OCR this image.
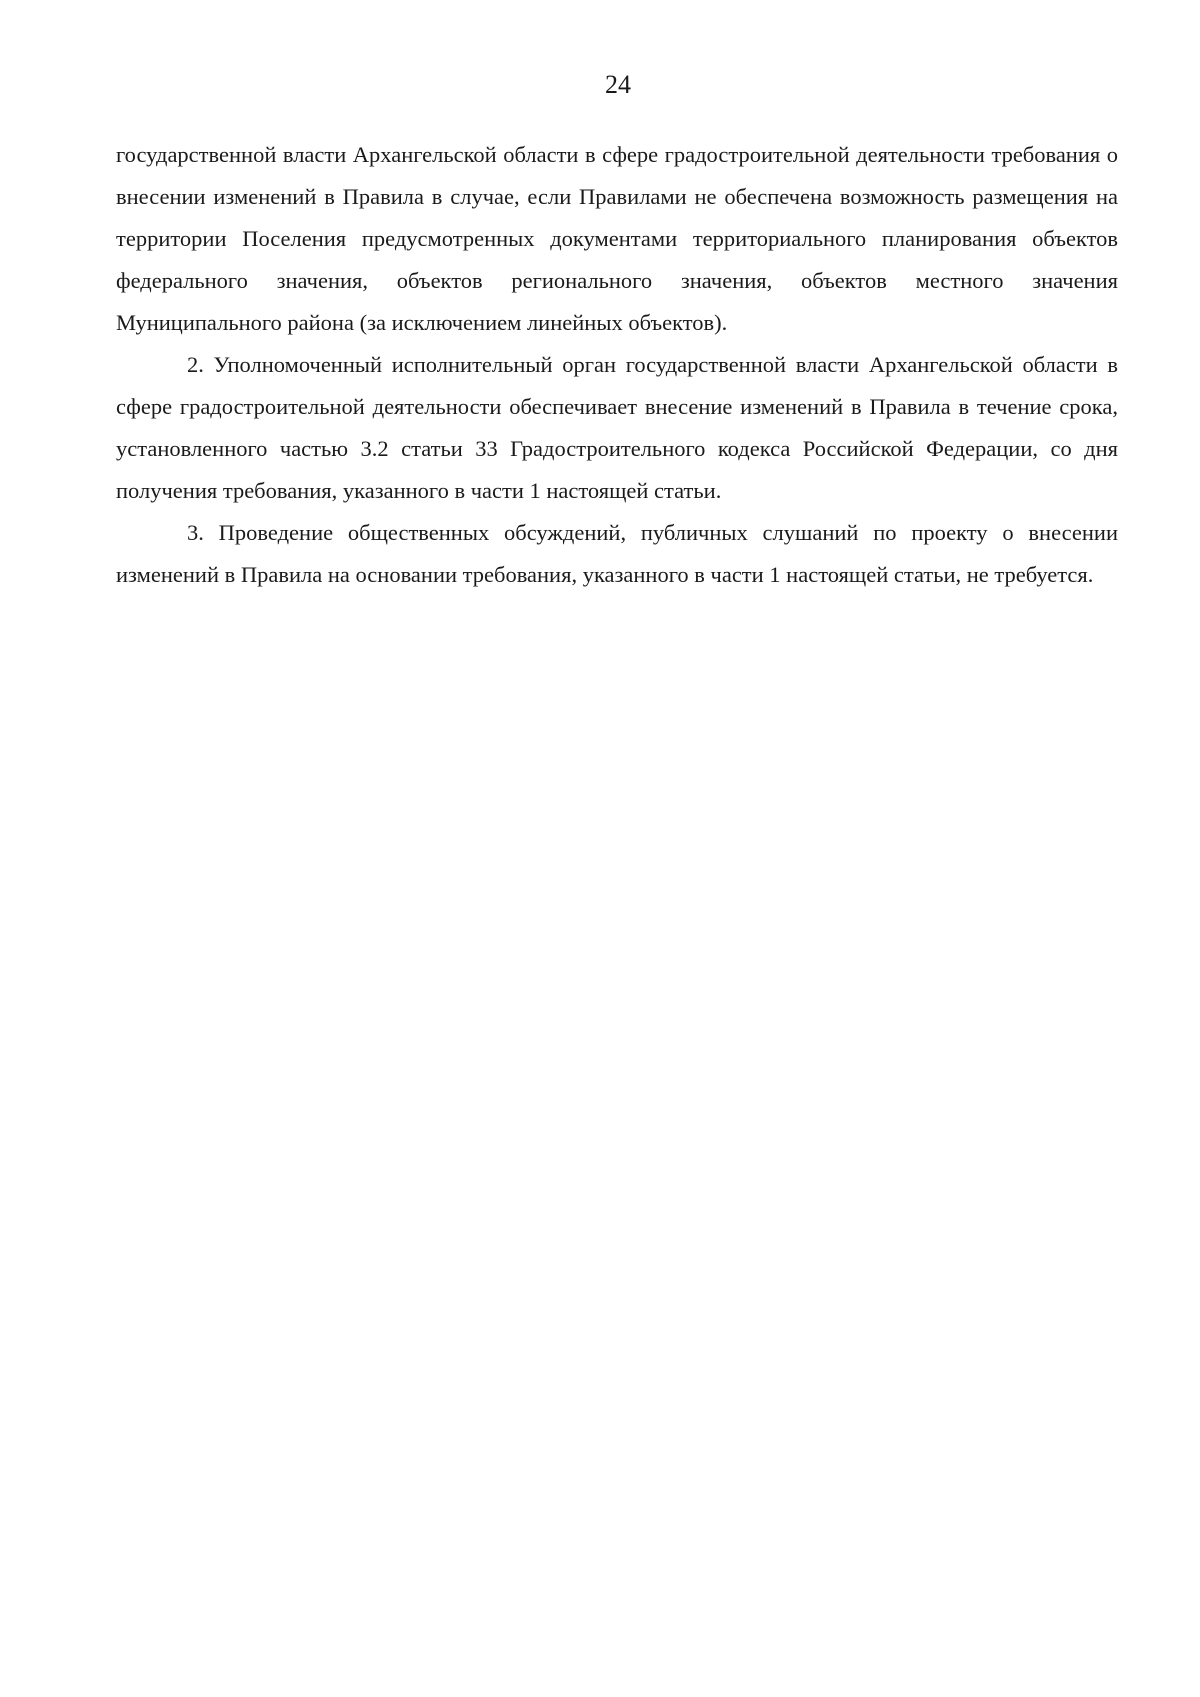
24

государственной власти Архангельской области в сфере градостроительной деятельности требования о внесении изменений в Правила в случае, если Правилами не обеспечена возможность размещения на территории Поселения предусмотренных документами территориального планирования объектов федерального значения, объектов регионального значения, объектов местного значения Муниципального района (за исключением линейных объектов).

2. Уполномоченный исполнительный орган государственной власти Архангельской области в сфере градостроительной деятельности обеспечивает внесение изменений в Правила в течение срока, установленного частью 3.2 статьи 33 Градостроительного кодекса Российской Федерации, со дня получения требования, указанного в части 1 настоящей статьи.

3. Проведение общественных обсуждений, публичных слушаний по проекту о внесении изменений в Правила на основании требования, указанного в части 1 настоящей статьи, не требуется.
